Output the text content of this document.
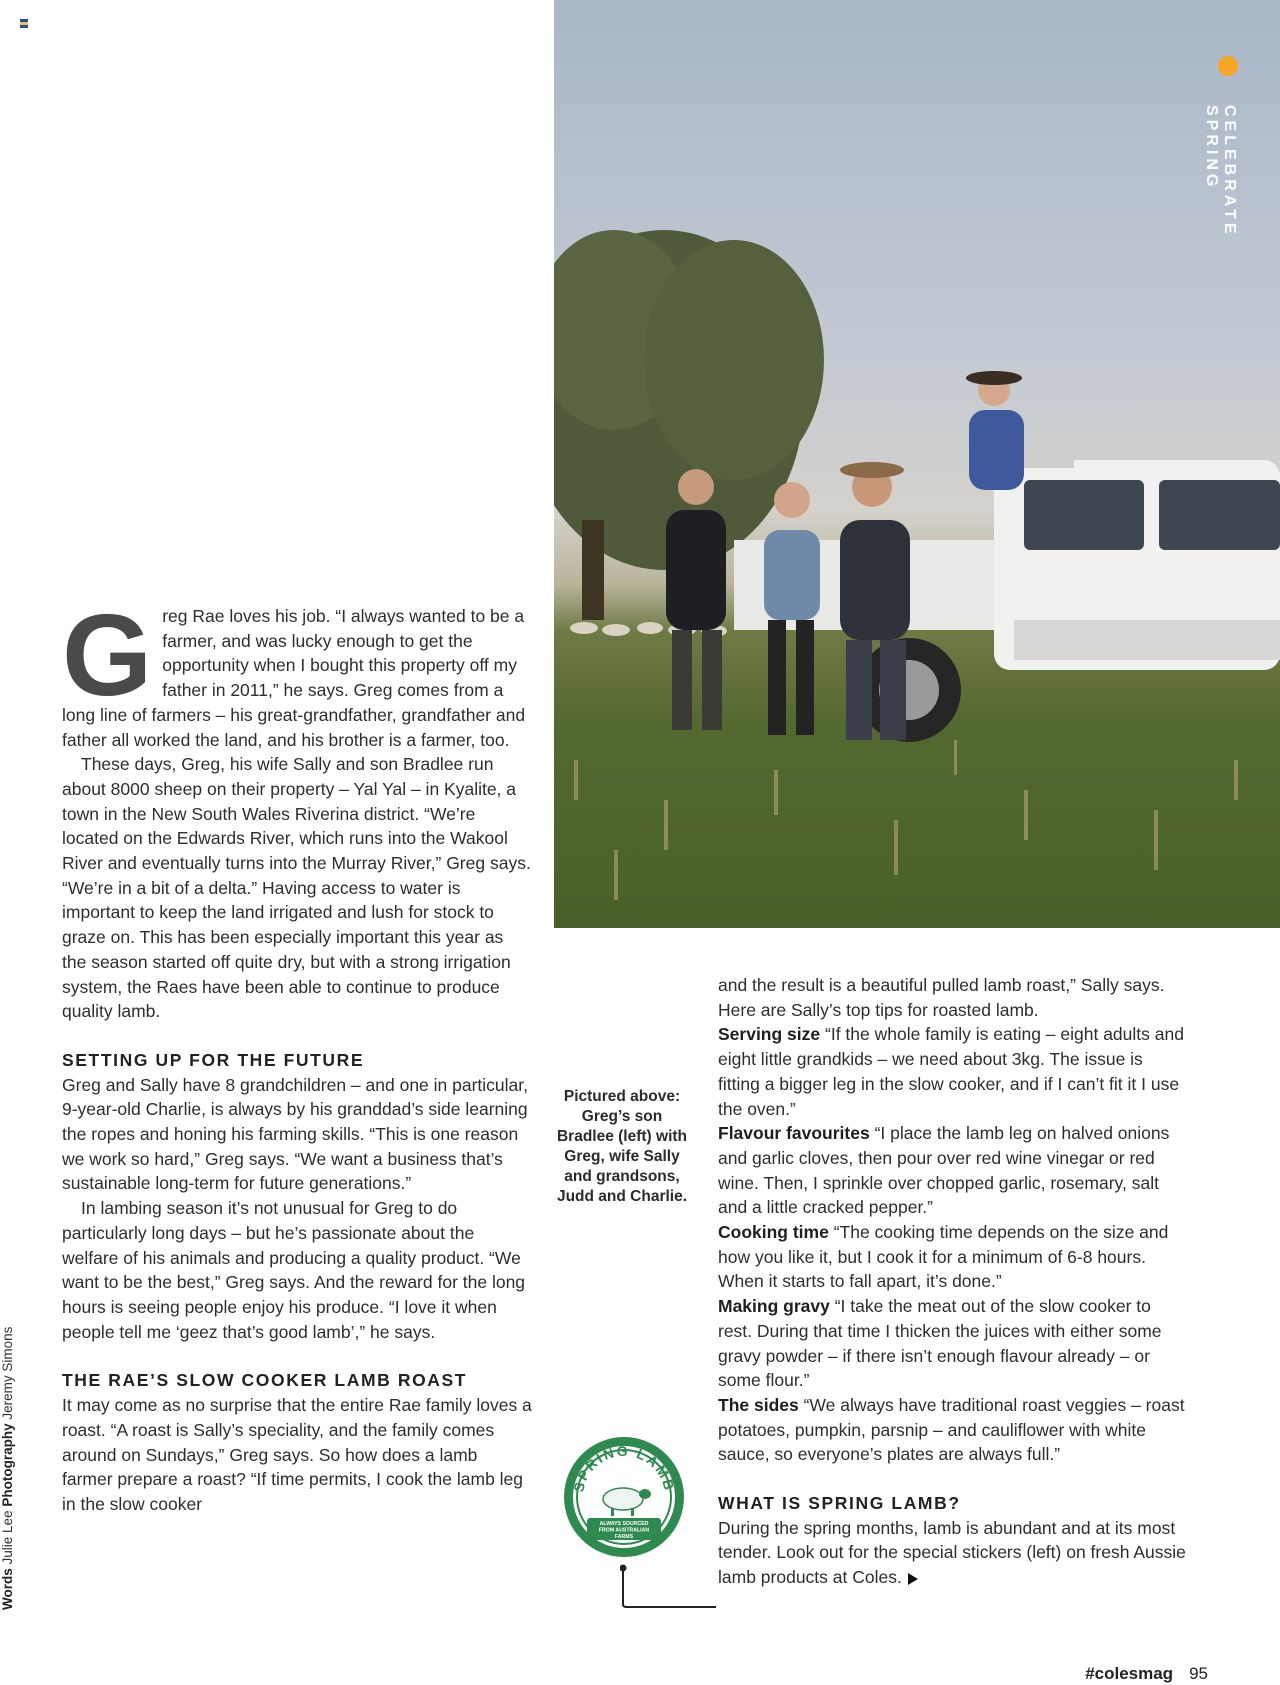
CELEBRATE SPRING

Greg Rae loves his job. “I always wanted to be a farmer, and was lucky enough to get the opportunity when I bought this property off my father in 2011,” he says. Greg comes from a long line of farmers – his great-grandfather, grandfather and father all worked the land, and his brother is a farmer, too.

These days, Greg, his wife Sally and son Bradlee run about 8000 sheep on their property – Yal Yal – in Kyalite, a town in the New South Wales Riverina district. “We’re located on the Edwards River, which runs into the Wakool River and eventually turns into the Murray River,” Greg says. “We’re in a bit of a delta.” Having access to water is important to keep the land irrigated and lush for stock to graze on. This has been especially important this year as the season started off quite dry, but with a strong irrigation system, the Raes have been able to continue to produce quality lamb.

SETTING UP FOR THE FUTURE

Greg and Sally have 8 grandchildren – and one in particular, 9-year-old Charlie, is always by his granddad’s side learning the ropes and honing his farming skills. “This is one reason we work so hard,” Greg says. “We want a business that’s sustainable long-term for future generations.”

In lambing season it’s not unusual for Greg to do particularly long days – but he’s passionate about the welfare of his animals and producing a quality product. “We want to be the best,” Greg says. And the reward for the long hours is seeing people enjoy his produce. “I love it when people tell me ‘geez that’s good lamb’,” he says.

THE RAE’S SLOW COOKER LAMB ROAST

It may come as no surprise that the entire Rae family loves a roast. “A roast is Sally’s speciality, and the family comes around on Sundays,” Greg says. So how does a lamb farmer prepare a roast? “If time permits, I cook the lamb leg in the slow cooker

Pictured above:
Greg’s son Bradlee (left) with Greg, wife Sally and grandsons, Judd and Charlie.
SPRING LAMB
ALWAYS SOURCED
FROM AUSTRALIAN
FARMS

and the result is a beautiful pulled lamb roast,” Sally says. Here are Sally’s top tips for roasted lamb.

Serving size “If the whole family is eating – eight adults and eight little grandkids – we need about 3kg. The issue is fitting a bigger leg in the slow cooker, and if I can’t fit it I use the oven.”

Flavour favourites “I place the lamb leg on halved onions and garlic cloves, then pour over red wine vinegar or red wine. Then, I sprinkle over chopped garlic, rosemary, salt and a little cracked pepper.”

Cooking time “The cooking time depends on the size and how you like it, but I cook it for a minimum of 6-8 hours. When it starts to fall apart, it’s done.”

Making gravy “I take the meat out of the slow cooker to rest. During that time I thicken the juices with either some gravy powder – if there isn’t enough flavour already – or some flour.”

The sides “We always have traditional roast veggies – roast potatoes, pumpkin, parsnip – and cauliflower with white sauce, so everyone’s plates are always full.”

WHAT IS SPRING LAMB?

During the spring months, lamb is abundant and at its most tender. Look out for the special stickers (left) on fresh Aussie lamb products at Coles.

Words Julie Lee Photography Jeremy Simons
#colesmag 95
